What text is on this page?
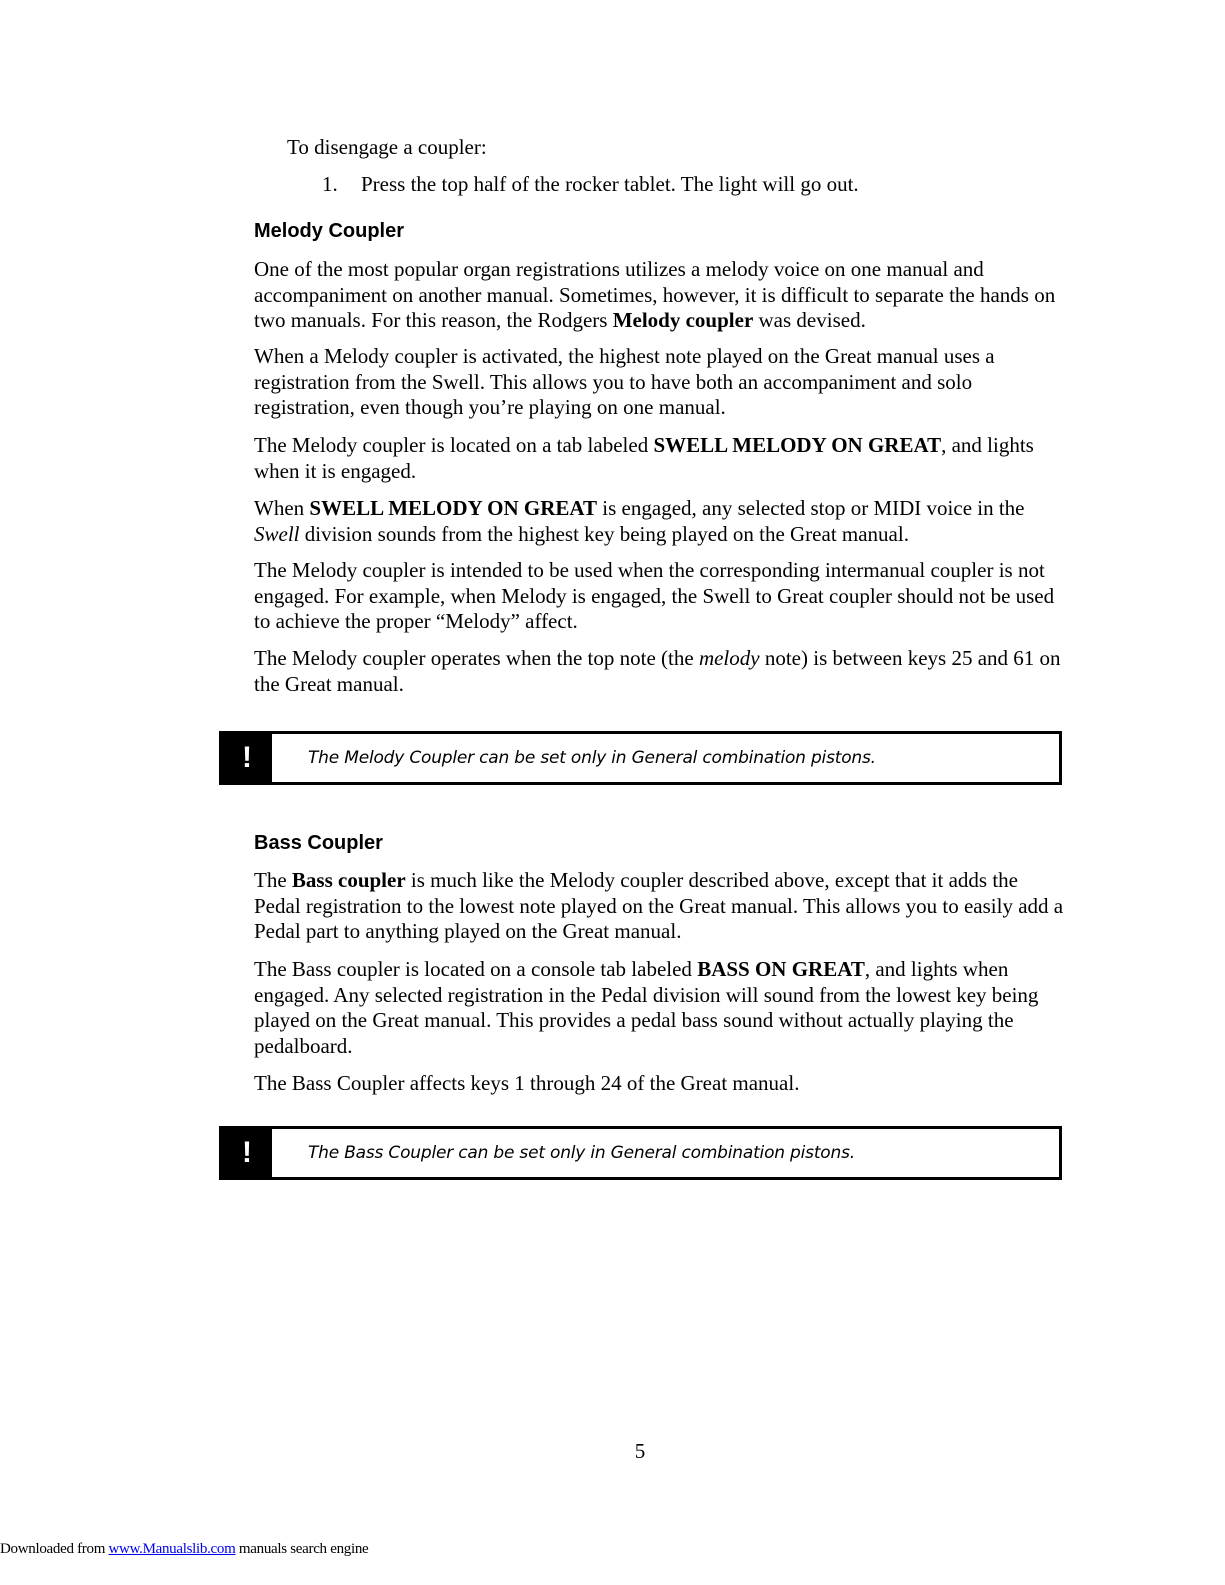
To disengage a coupler:
1. Press the top half of the rocker tablet. The light will go out.
Melody Coupler

One of the most popular organ registrations utilizes a melody voice on one manual and accompaniment on another manual. Sometimes, however, it is difficult to separate the hands on two manuals. For this reason, the Rodgers Melody coupler was devised.

When a Melody coupler is activated, the highest note played on the Great manual uses a registration from the Swell. This allows you to have both an accompaniment and solo registration, even though you’re playing on one manual.

The Melody coupler is located on a tab labeled SWELL MELODY ON GREAT, and lights when it is engaged.

When SWELL MELODY ON GREAT is engaged, any selected stop or MIDI voice in the Swell division sounds from the highest key being played on the Great manual.

The Melody coupler is intended to be used when the corresponding intermanual coupler is not engaged. For example, when Melody is engaged, the Swell to Great coupler should not be used to achieve the proper “Melody” affect.

The Melody coupler operates when the top note (the melody note) is between keys 25 and 61 on the Great manual.

!	The Melody Coupler can be set only in General combination pistons.
Bass Coupler

The Bass coupler is much like the Melody coupler described above, except that it adds the Pedal registration to the lowest note played on the Great manual. This allows you to easily add a Pedal part to anything played on the Great manual.

The Bass coupler is located on a console tab labeled BASS ON GREAT, and lights when engaged. Any selected registration in the Pedal division will sound from the lowest key being played on the Great manual. This provides a pedal bass sound without actually playing the pedalboard.

The Bass Coupler affects keys 1 through 24 of the Great manual.

!	The Bass Coupler can be set only in General combination pistons.
5
Downloaded from www.Manualslib.com manuals search engine
